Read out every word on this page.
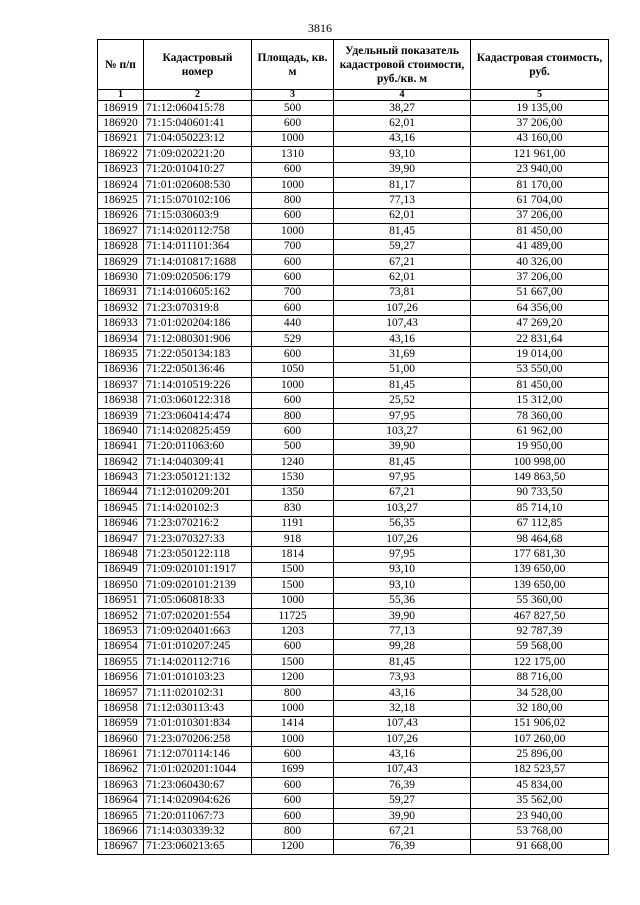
3816
№ п/п	Кадастровый номер	Площадь, кв. м	Удельный показатель кадастровой стоимости, руб./кв. м	Кадастровая стоимость, руб.
1	2	3	4	5
186919	71:12:060415:78	500	38,27	19 135,00
186920	71:15:040601:41	600	62,01	37 206,00
186921	71:04:050223:12	1000	43,16	43 160,00
186922	71:09:020221:20	1310	93,10	121 961,00
186923	71:20:010410:27	600	39,90	23 940,00
186924	71:01:020608:530	1000	81,17	81 170,00
186925	71:15:070102:106	800	77,13	61 704,00
186926	71:15:030603:9	600	62,01	37 206,00
186927	71:14:020112:758	1000	81,45	81 450,00
186928	71:14:011101:364	700	59,27	41 489,00
186929	71:14:010817:1688	600	67,21	40 326,00
186930	71:09:020506:179	600	62,01	37 206,00
186931	71:14:010605:162	700	73,81	51 667,00
186932	71:23:070319:8	600	107,26	64 356,00
186933	71:01:020204:186	440	107,43	47 269,20
186934	71:12:080301:906	529	43,16	22 831,64
186935	71:22:050134:183	600	31,69	19 014,00
186936	71:22:050136:46	1050	51,00	53 550,00
186937	71:14:010519:226	1000	81,45	81 450,00
186938	71:03:060122:318	600	25,52	15 312,00
186939	71:23:060414:474	800	97,95	78 360,00
186940	71:14:020825:459	600	103,27	61 962,00
186941	71:20:011063:60	500	39,90	19 950,00
186942	71:14:040309:41	1240	81,45	100 998,00
186943	71:23:050121:132	1530	97,95	149 863,50
186944	71:12:010209:201	1350	67,21	90 733,50
186945	71:14:020102:3	830	103,27	85 714,10
186946	71:23:070216:2	1191	56,35	67 112,85
186947	71:23:070327:33	918	107,26	98 464,68
186948	71:23:050122:118	1814	97,95	177 681,30
186949	71:09:020101:1917	1500	93,10	139 650,00
186950	71:09:020101:2139	1500	93,10	139 650,00
186951	71:05:060818:33	1000	55,36	55 360,00
186952	71:07:020201:554	11725	39,90	467 827,50
186953	71:09:020401:663	1203	77,13	92 787,39
186954	71:01:010207:245	600	99,28	59 568,00
186955	71:14:020112:716	1500	81,45	122 175,00
186956	71:01:010103:23	1200	73,93	88 716,00
186957	71:11:020102:31	800	43,16	34 528,00
186958	71:12:030113:43	1000	32,18	32 180,00
186959	71:01:010301:834	1414	107,43	151 906,02
186960	71:23:070206:258	1000	107,26	107 260,00
186961	71:12:070114:146	600	43,16	25 896,00
186962	71:01:020201:1044	1699	107,43	182 523,57
186963	71:23:060430:67	600	76,39	45 834,00
186964	71:14:020904:626	600	59,27	35 562,00
186965	71:20:011067:73	600	39,90	23 940,00
186966	71:14:030339:32	800	67,21	53 768,00
186967	71:23:060213:65	1200	76,39	91 668,00
